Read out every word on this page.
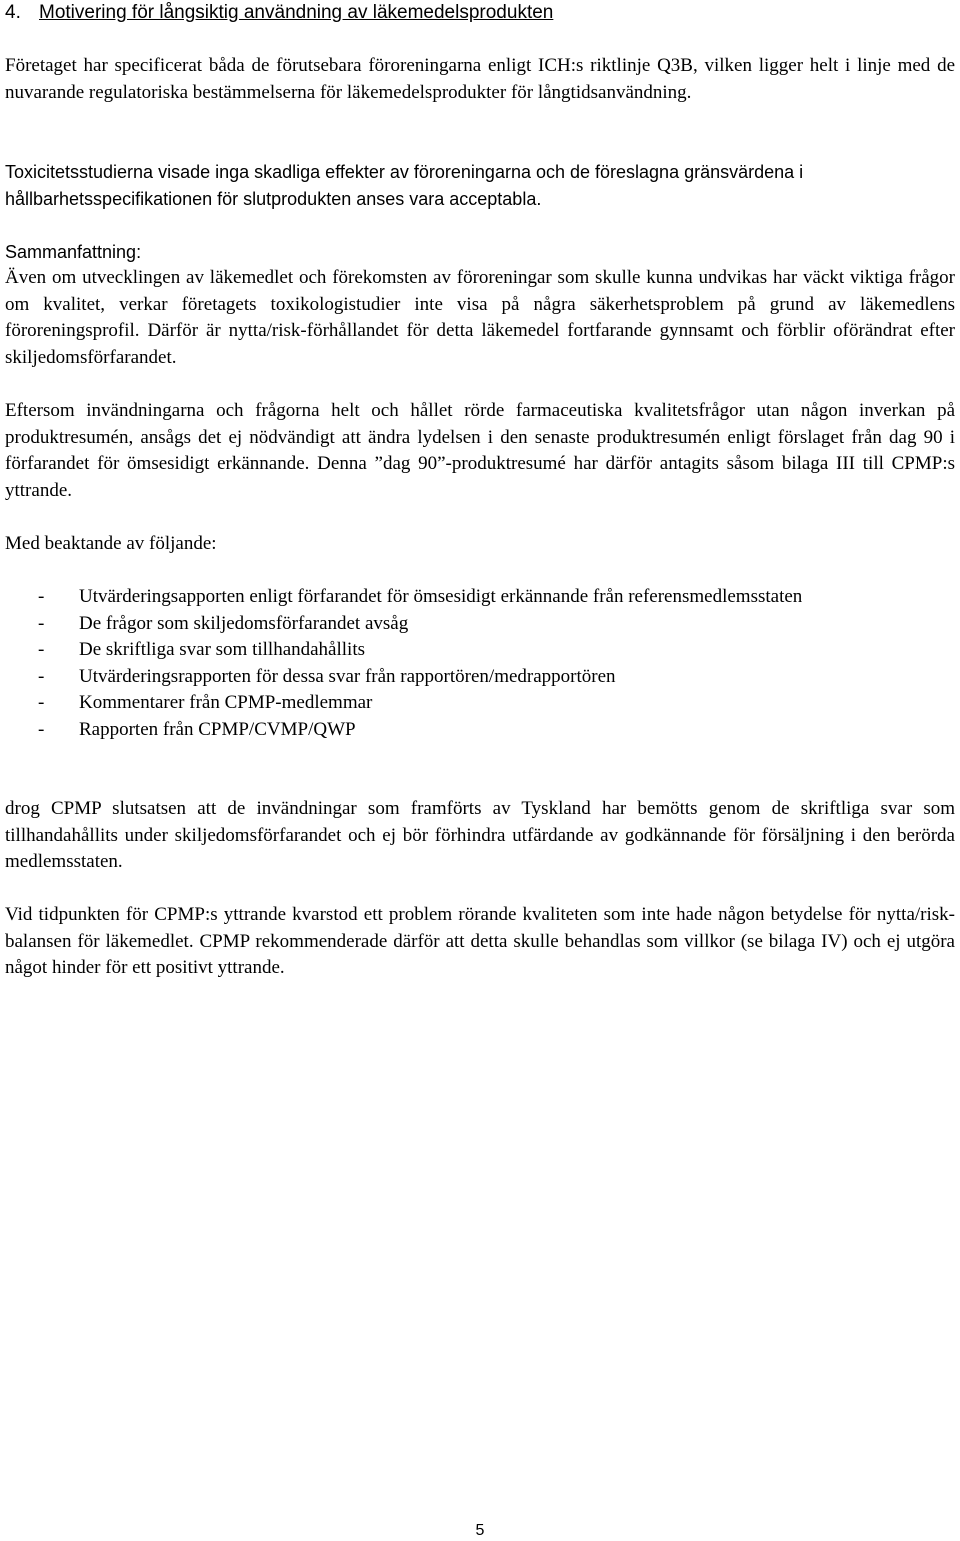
4. Motivering för långsiktig användning av läkemedelsprodukten

Företaget har specificerat båda de förutsebara föroreningarna enligt ICH:s riktlinje Q3B, vilken ligger helt i linje med de nuvarande regulatoriska bestämmelserna för läkemedelsprodukter för långtidsanvändning.

Toxicitetsstudierna visade inga skadliga effekter av föroreningarna och de föreslagna gränsvärdena i hållbarhetsspecifikationen för slutprodukten anses vara acceptabla.

Sammanfattning:

Även om utvecklingen av läkemedlet och förekomsten av föroreningar som skulle kunna undvikas har väckt viktiga frågor om kvalitet, verkar företagets toxikologistudier inte visa på några säkerhetsproblem på grund av läkemedlens föroreningsprofil. Därför är nytta/risk-förhållandet för detta läkemedel fortfarande gynnsamt och förblir oförändrat efter skiljedomsförfarandet.

Eftersom invändningarna och frågorna helt och hållet rörde farmaceutiska kvalitetsfrågor utan någon inverkan på produktresumén, ansågs det ej nödvändigt att ändra lydelsen i den senaste produktresumén enligt förslaget från dag 90 i förfarandet för ömsesidigt erkännande. Denna ”dag 90”-produktresumé har därför antagits såsom bilaga III till CPMP:s yttrande.

Med beaktande av följande:

-	Utvärderingsapporten enligt förfarandet för ömsesidigt erkännande från referensmedlemsstaten
-	De frågor som skiljedomsförfarandet avsåg
-	De skriftliga svar som tillhandahållits
-	Utvärderingsrapporten för dessa svar från rapportören/medrapportören
-	Kommentarer från CPMP-medlemmar
-	Rapporten från CPMP/CVMP/QWP

drog CPMP slutsatsen att de invändningar som framförts av Tyskland har bemötts genom de skriftliga svar som tillhandahållits under skiljedomsförfarandet och ej bör förhindra utfärdande av godkännande för försäljning i den berörda medlemsstaten.

Vid tidpunkten för CPMP:s yttrande kvarstod ett problem rörande kvaliteten som inte hade någon betydelse för nytta/risk-balansen för läkemedlet. CPMP rekommenderade därför att detta skulle behandlas som villkor (se bilaga IV) och ej utgöra något hinder för ett positivt yttrande.

5
